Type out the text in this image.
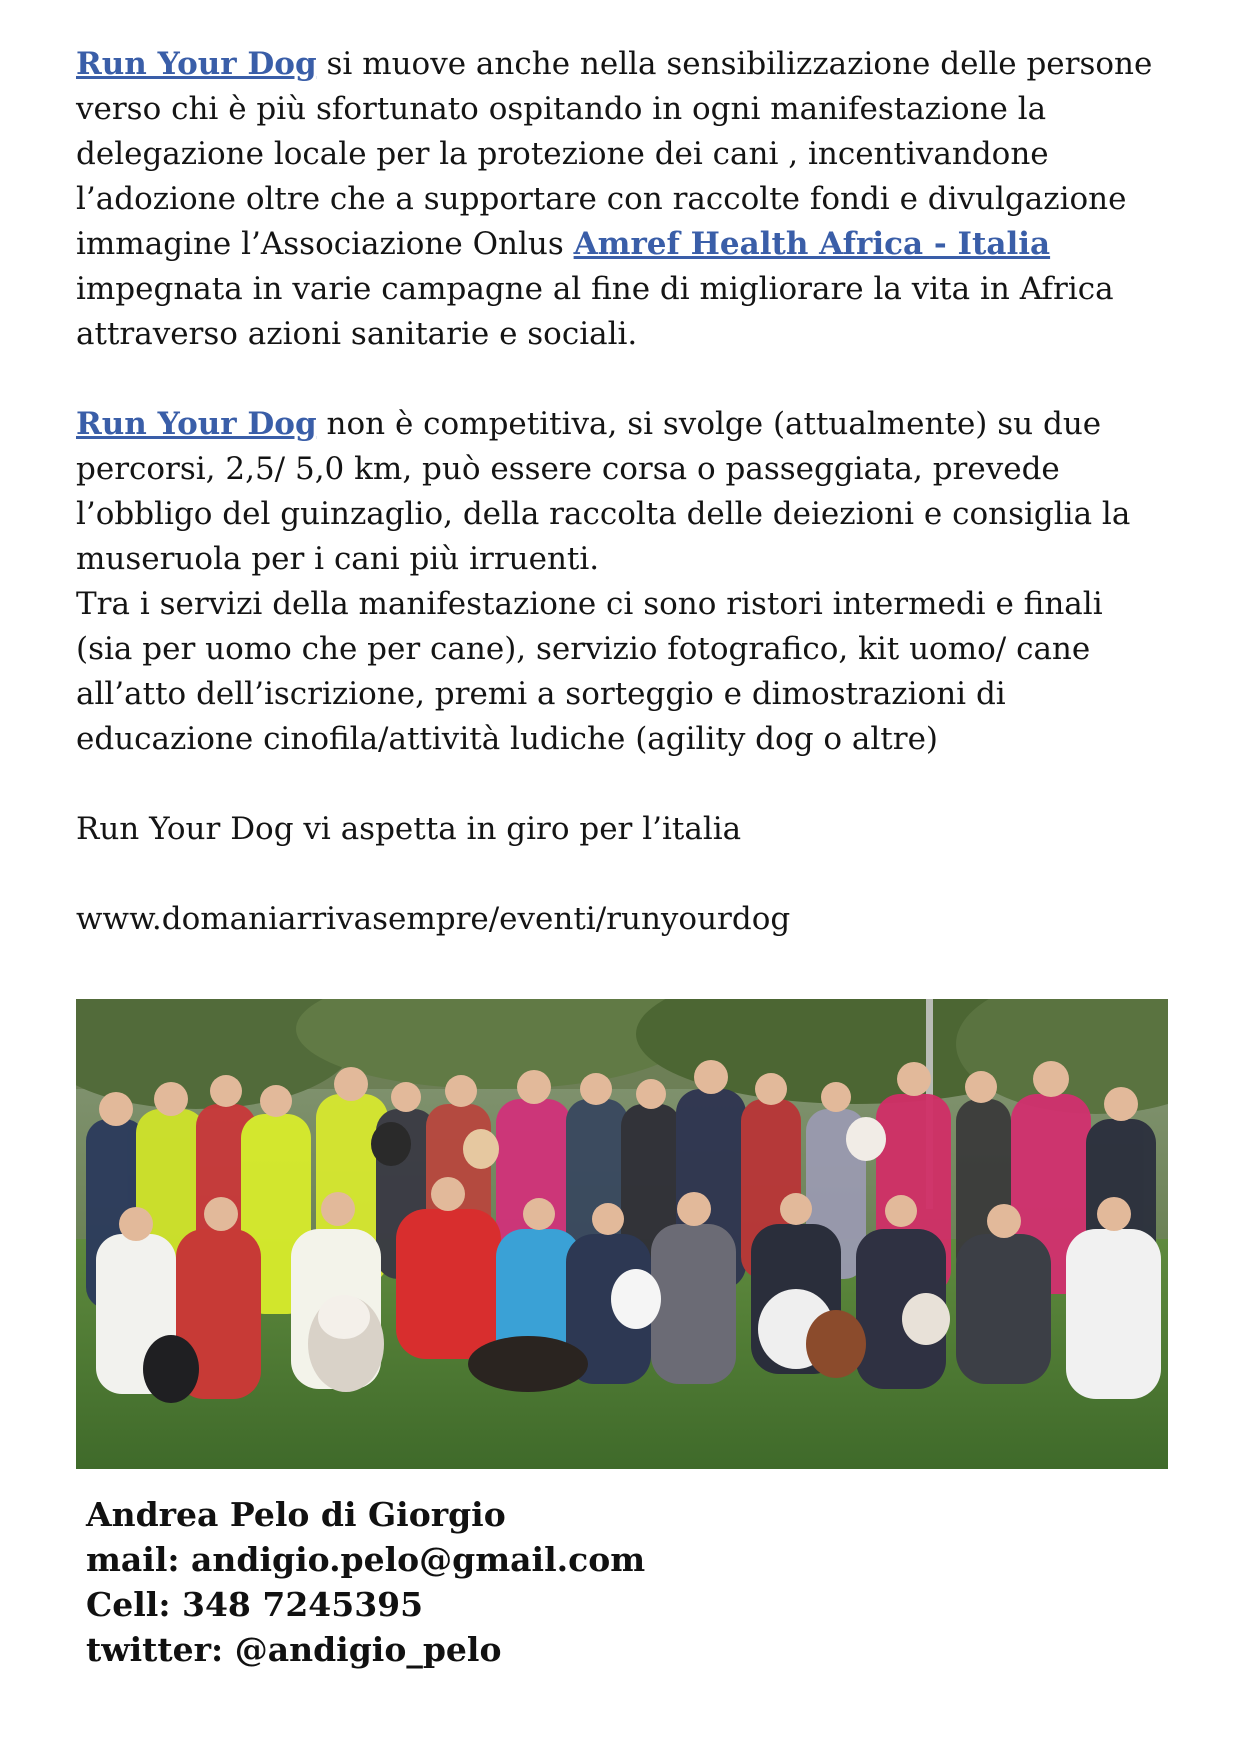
Run Your Dog si muove anche nella sensibilizzazione delle persone verso chi è più sfortunato ospitando in ogni manifestazione la delegazione locale per la protezione dei cani , incentivandone l’adozione oltre che a supportare con raccolte fondi e divulgazione immagine l’Associazione Onlus Amref Health Africa - Italia impegnata in varie campagne al fine di migliorare la vita in Africa attraverso azioni sanitarie e sociali.

Run Your Dog non è competitiva, si svolge (attualmente) su due percorsi, 2,5/ 5,0 km, può essere corsa o passeggiata, prevede l’obbligo del guinzaglio, della raccolta delle deiezioni e consiglia la museruola per i cani più irruenti.

Tra i servizi della manifestazione ci sono ristori intermedi e finali (sia per uomo che per cane), servizio fotografico, kit uomo/ cane all’atto dell’iscrizione, premi a sorteggio e dimostrazioni di educazione cinofila/attività ludiche (agility dog o altre)

Run Your Dog vi aspetta in giro per l’italia

www.domaniarrivasempre/eventi/runyourdog

Andrea Pelo di Giorgio
mail: andigio.pelo@gmail.com
Cell: 348 7245395
twitter: @andigio_pelo
